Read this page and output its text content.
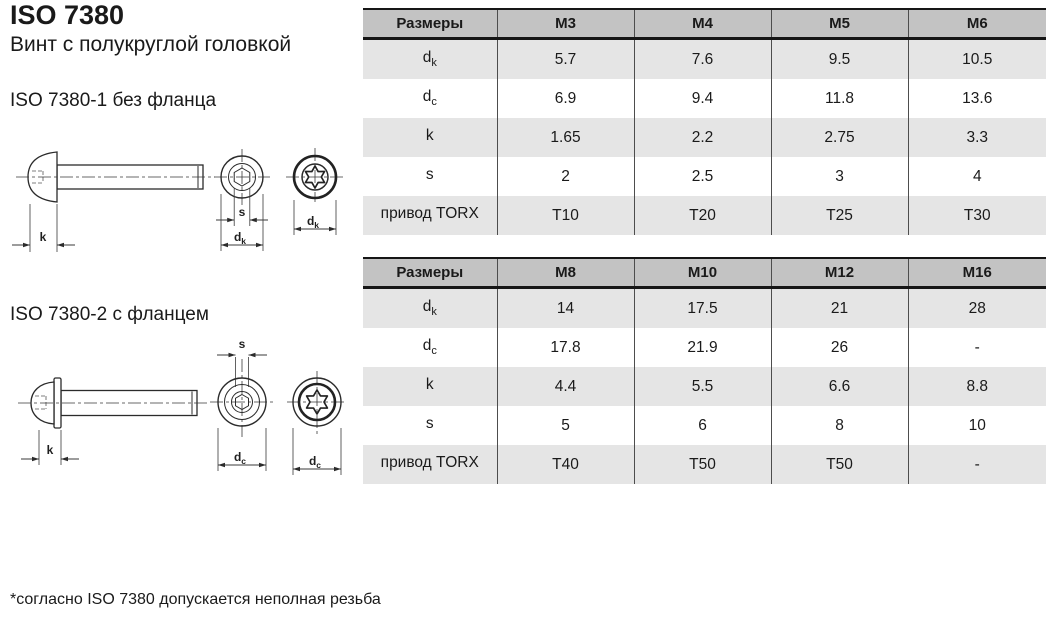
ISO 7380
Винт с полукруглой головкой
ISO 7380-1 без фланца
ISO 7380-2 с фланцем
*согласно ISO 7380 допускается неполная резьба
k
s
$d_k$
$d_k$
k
s
$d_c$	$d_c$
Размеры	M3	M4	M5	M6
$d_k$	5.7	7.6	9.5	10.5
$d_c$	6.9	9.4	11.8	13.6
k	1.65	2.2	2.75	3.3
s	2	2.5	3	4
привод TORX	T10	T20	T25	T30
Размеры	M8	M10	M12	M16
$d_k$	14	17.5	21	28
$d_c$	17.8	21.9	26	-
k	4.4	5.5	6.6	8.8
s	5	6	8	10
привод TORX	T40	T50	T50	-
